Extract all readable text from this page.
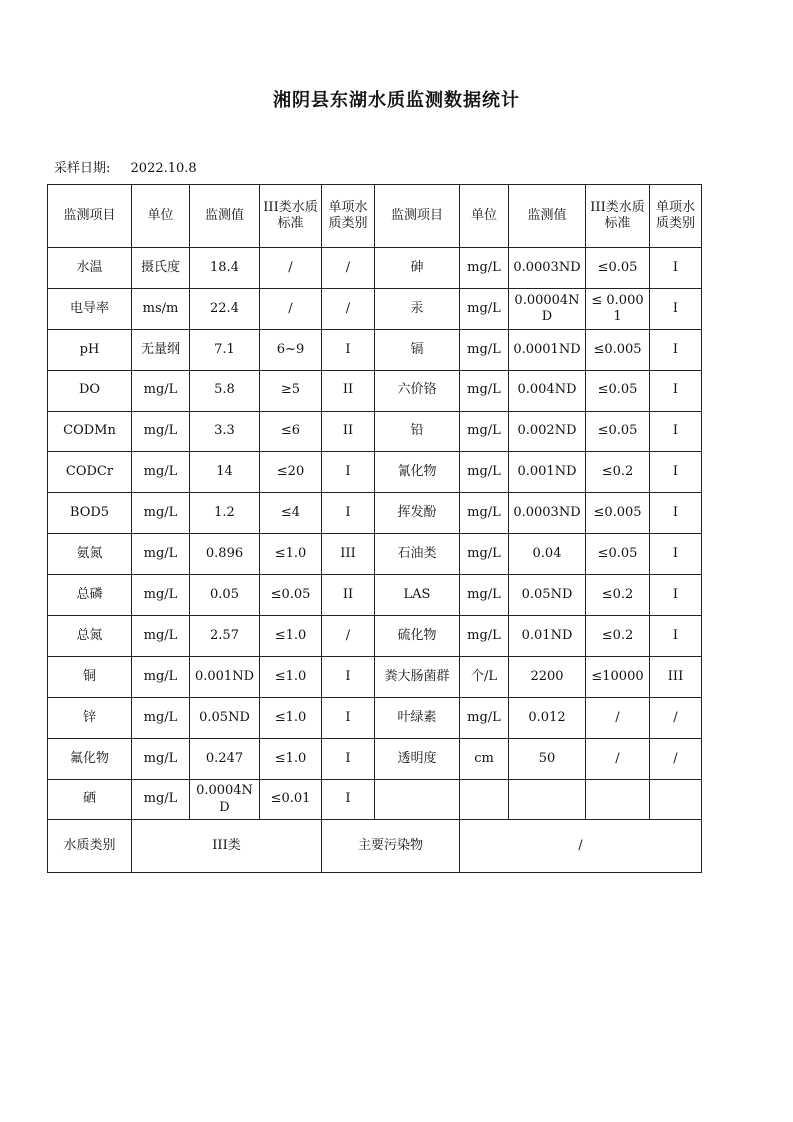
湘阴县东湖水质监测数据统计
采样日期: 2022.10.8
监测项目	单位	监测值	III类水质标准	单项水质类别	监测项目	单位	监测值	III类水质标准	单项水质类别
水温	摄氏度	18.4	/	/	砷	mg/L	0.0003ND	≤0.05	I
电导率	ms/m	22.4	/	/	汞	mg/L	0.00004ND	≤ 0.0001	I
pH	无量纲	7.1	6~9	I	镉	mg/L	0.0001ND	≤0.005	I
DO	mg/L	5.8	≥5	II	六价铬	mg/L	0.004ND	≤0.05	I
CODMn	mg/L	3.3	≤6	II	铅	mg/L	0.002ND	≤0.05	I
CODCr	mg/L	14	≤20	I	氰化物	mg/L	0.001ND	≤0.2	I
BOD5	mg/L	1.2	≤4	I	挥发酚	mg/L	0.0003ND	≤0.005	I
氨氮	mg/L	0.896	≤1.0	III	石油类	mg/L	0.04	≤0.05	I
总磷	mg/L	0.05	≤0.05	II	LAS	mg/L	0.05ND	≤0.2	I
总氮	mg/L	2.57	≤1.0	/	硫化物	mg/L	0.01ND	≤0.2	I
铜	mg/L	0.001ND	≤1.0	I	粪大肠菌群	个/L	2200	≤10000	III
锌	mg/L	0.05ND	≤1.0	I	叶绿素	mg/L	0.012	/	/
氟化物	mg/L	0.247	≤1.0	I	透明度	cm	50	/	/
硒	mg/L	0.0004ND	≤0.01	I					
水质类别	III类			主要污染物		/			
